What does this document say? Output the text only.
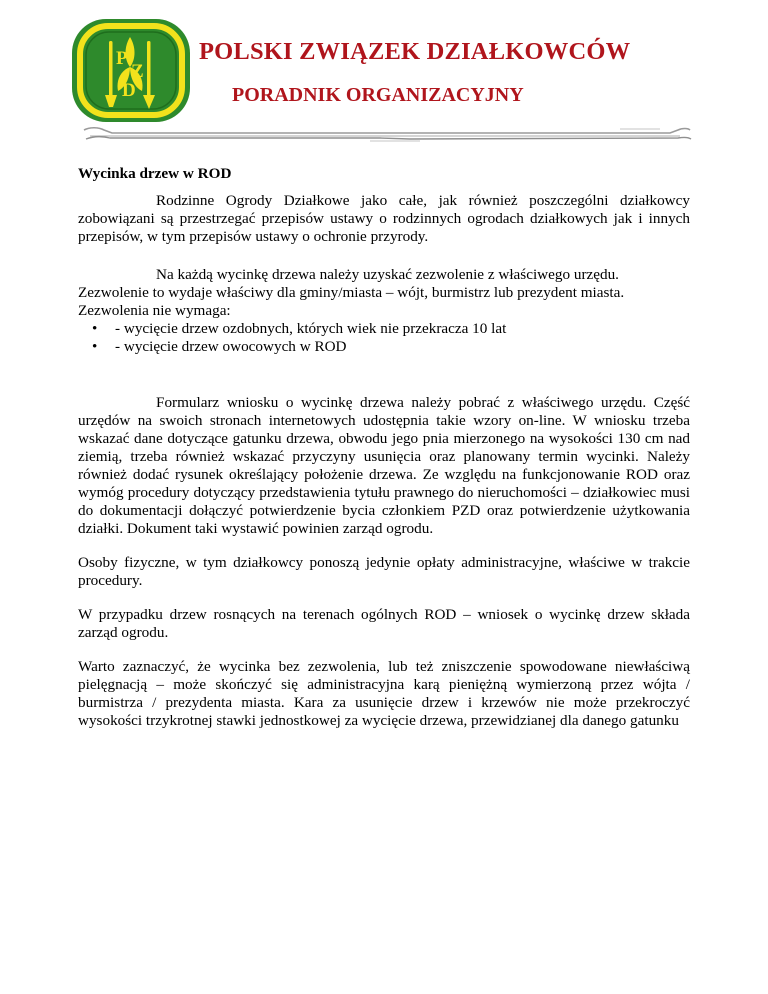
P
Z
D
POLSKI ZWIĄZEK DZIAŁKOWCÓW
PORADNIK ORGANIZACYJNY

Wycinka drzew w ROD

Rodzinne Ogrody Działkowe jako całe, jak również poszczególni działkowcy zobowiązani są przestrzegać przepisów ustawy o rodzinnych ogrodach działkowych jak i innych przepisów, w tym przepisów ustawy o ochronie przyrody.

Na każdą wycinkę drzewa należy uzyskać zezwolenie z właściwego urzędu.

Zezwolenie to wydaje właściwy dla gminy/miasta – wójt, burmistrz lub prezydent miasta.
Zezwolenia nie wymaga:
• - wycięcie drzew ozdobnych, których wiek nie przekracza 10 lat
• - wycięcie drzew owocowych w ROD

Formularz wniosku o wycinkę drzewa należy pobrać z właściwego urzędu. Część urzędów na swoich stronach internetowych udostępnia takie wzory on-line. W wniosku trzeba wskazać dane dotyczące gatunku drzewa, obwodu jego pnia mierzonego na wysokości 130 cm nad ziemią, trzeba również wskazać przyczyny usunięcia oraz planowany termin wycinki. Należy również dodać rysunek określający położenie drzewa. Ze względu na funkcjonowanie ROD oraz wymóg procedury dotyczący przedstawienia tytułu prawnego do nieruchomości – działkowiec musi do dokumentacji dołączyć potwierdzenie bycia członkiem PZD oraz potwierdzenie użytkowania działki. Dokument taki wystawić powinien zarząd ogrodu.

Osoby fizyczne, w tym działkowcy ponoszą jedynie opłaty administracyjne, właściwe w trakcie procedury.

W przypadku drzew rosnących na terenach ogólnych ROD – wniosek o wycinkę drzew składa zarząd ogrodu.

Warto zaznaczyć, że wycinka bez zezwolenia, lub też zniszczenie spowodowane niewłaściwą pielęgnacją – może skończyć się administracyjna karą pieniężną wymierzoną przez wójta / burmistrza / prezydenta miasta. Kara za usunięcie drzew i krzewów nie może przekroczyć wysokości trzykrotnej stawki jednostkowej za wycięcie drzewa, przewidzianej dla danego gatunku
